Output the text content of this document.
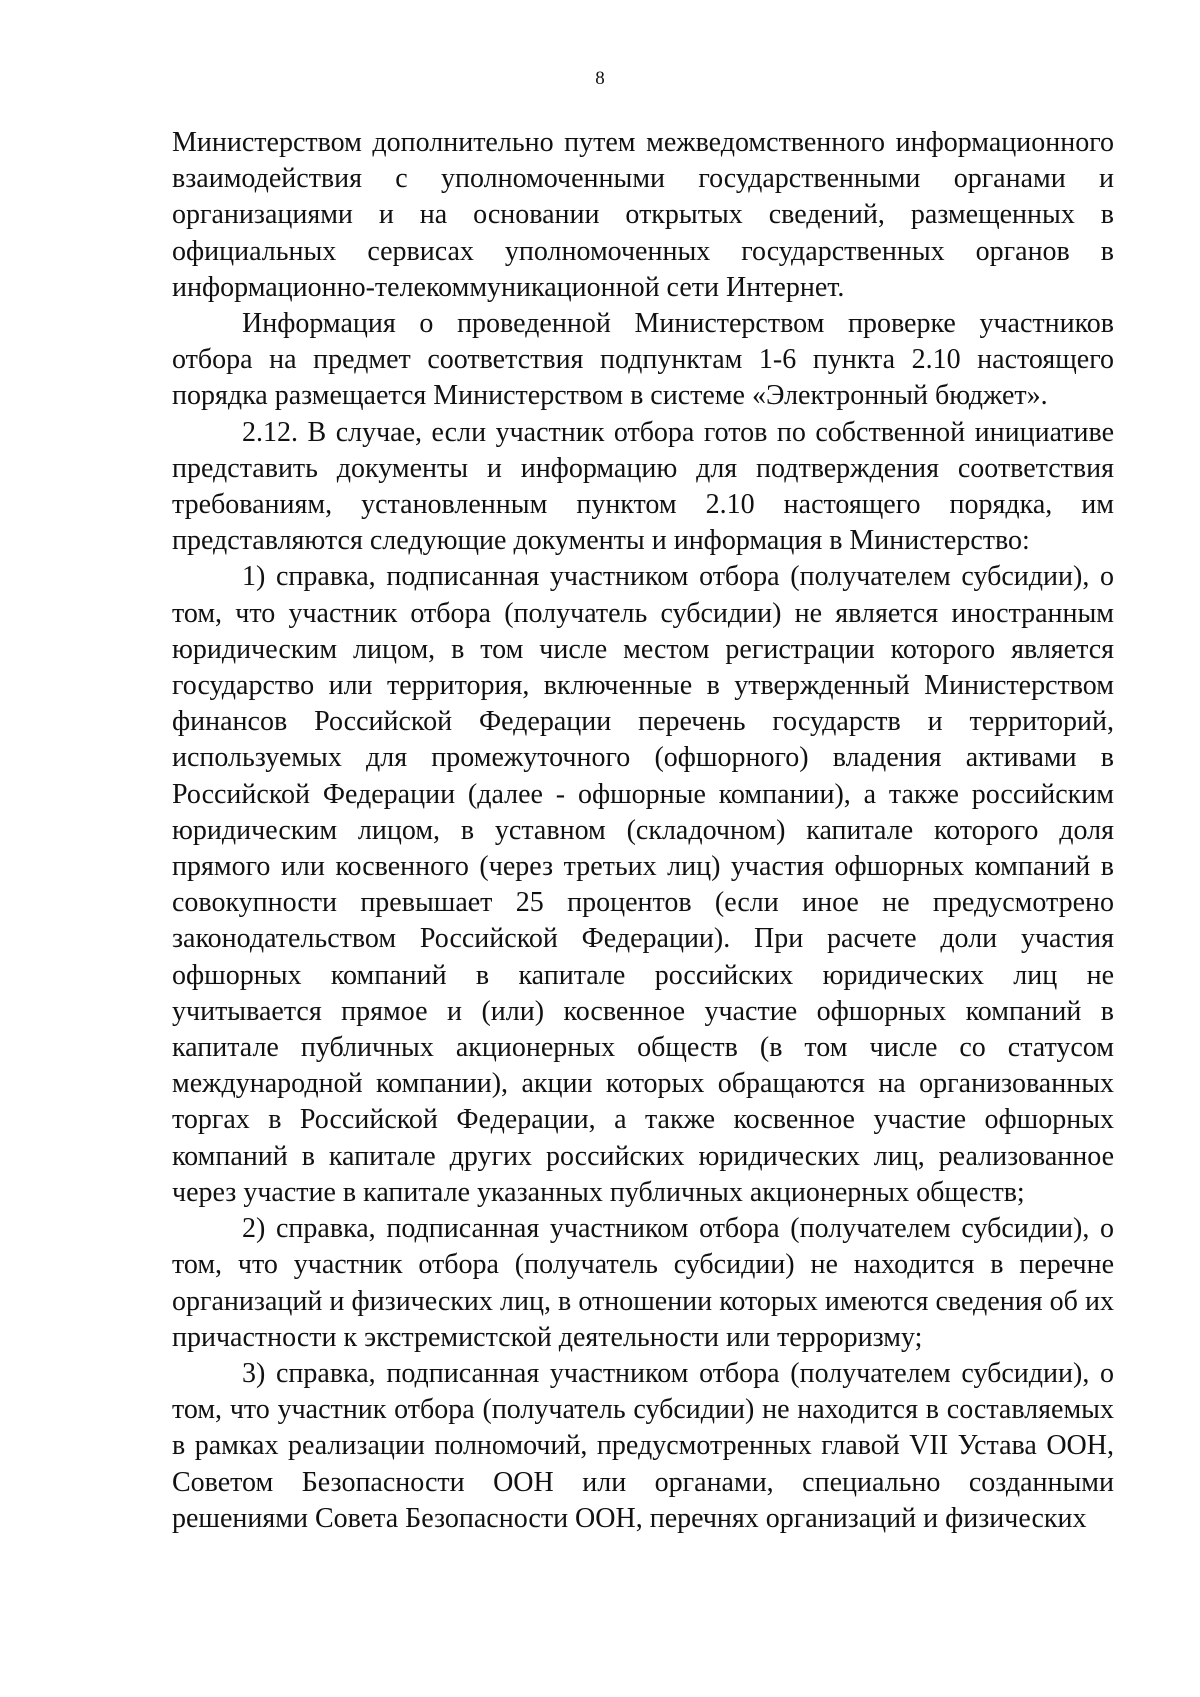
8

Министерством дополнительно путем межведомственного информационного взаимодействия с уполномоченными государственными органами и организациями и на основании открытых сведений, размещенных в официальных сервисах уполномоченных государственных органов в информационно-телекоммуникационной сети Интернет.

Информация о проведенной Министерством проверке участников отбора на предмет соответствия подпунктам 1-6 пункта 2.10 настоящего порядка размещается Министерством в системе «Электронный бюджет».

2.12. В случае, если участник отбора готов по собственной инициативе представить документы и информацию для подтверждения соответствия требованиям, установленным пунктом 2.10 настоящего порядка, им представляются следующие документы и информация в Министерство:

1) справка, подписанная участником отбора (получателем субсидии), о том, что участник отбора (получатель субсидии) не является иностранным юридическим лицом, в том числе местом регистрации которого является государство или территория, включенные в утвержденный Министерством финансов Российской Федерации перечень государств и территорий, используемых для промежуточного (офшорного) владения активами в Российской Федерации (далее - офшорные компании), а также российским юридическим лицом, в уставном (складочном) капитале которого доля прямого или косвенного (через третьих лиц) участия офшорных компаний в совокупности превышает 25 процентов (если иное не предусмотрено законодательством Российской Федерации). При расчете доли участия офшорных компаний в капитале российских юридических лиц не учитывается прямое и (или) косвенное участие офшорных компаний в капитале публичных акционерных обществ (в том числе со статусом международной компании), акции которых обращаются на организованных торгах в Российской Федерации, а также косвенное участие офшорных компаний в капитале других российских юридических лиц, реализованное через участие в капитале указанных публичных акционерных обществ;

2) справка, подписанная участником отбора (получателем субсидии), о том, что участник отбора (получатель субсидии) не находится в перечне организаций и физических лиц, в отношении которых имеются сведения об их причастности к экстремистской деятельности или терроризму;

3) справка, подписанная участником отбора (получателем субсидии), о том, что участник отбора (получатель субсидии) не находится в составляемых в рамках реализации полномочий, предусмотренных главой VII Устава ООН, Советом Безопасности ООН или органами, специально созданными решениями Совета Безопасности ООН, перечнях организаций и физических
